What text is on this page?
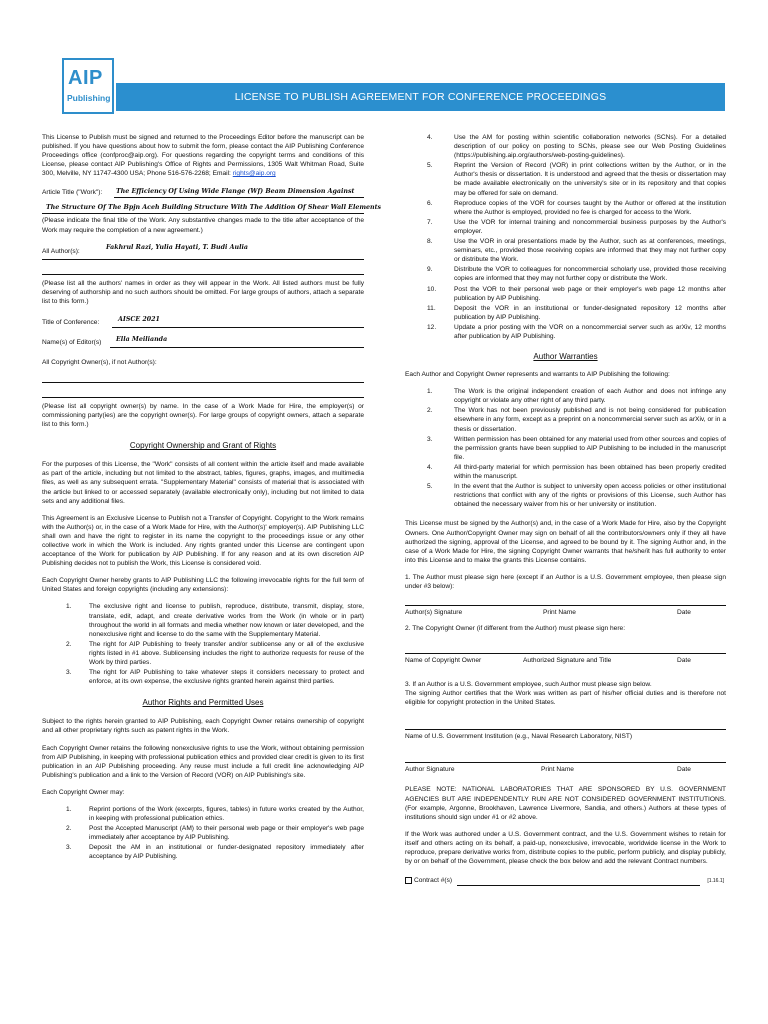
AIP
Publishing	LICENSE TO PUBLISH AGREEMENT FOR CONFERENCE PROCEEDINGS

This License to Publish must be signed and returned to the Proceedings Editor before the manuscript can be published. If you have questions about how to submit the form, please contact the AIP Publishing Conference Proceedings office (confproc@aip.org). For questions regarding the copyright terms and conditions of this License, please contact AIP Publishing's Office of Rights and Permissions, 1305 Walt Whitman Road, Suite 300, Melville, NY 11747-4300 USA; Phone 516-576-2268; Email: rights@aip.org

Article Title ("Work"): The Efficiency Of Using Wide Flange (Wf) Beam Dimension Against
The Structure Of The Bpjn Aceh Building Structure With The Addition Of Shear Wall Elements

(Please indicate the final title of the Work. Any substantive changes made to the title after acceptance of the Work may require the completion of a new agreement.)

All Author(s):
Fakhrul Razi, Yulia Hayati, T. Budi Aulia

(Please list all the authors' names in order as they will appear in the Work. All listed authors must be fully deserving of authorship and no such authors should be omitted. For large groups of authors, attach a separate list to this form.)

Title of Conference:	AISCE 2021
Name(s) of Editor(s) Ella Meilianda
All Copyright Owner(s), if not Author(s):

(Please list all copyright owner(s) by name. In the case of a Work Made for Hire, the employer(s) or commissioning party(ies) are the copyright owner(s). For large groups of copyright owners, attach a separate list to this form.)

Copyright Ownership and Grant of Rights

For the purposes of this License, the "Work" consists of all content within the article itself and made available as part of the article, including but not limited to the abstract, tables, figures, graphs, images, and multimedia files, as well as any subsequent errata. "Supplementary Material" consists of material that is associated with the article but linked to or accessed separately (available electronically only), including but not limited to data sets and any additional files.

This Agreement is an Exclusive License to Publish not a Transfer of Copyright. Copyright to the Work remains with the Author(s) or, in the case of a Work Made for Hire, with the Author(s)' employer(s). AIP Publishing LLC shall own and have the right to register in its name the copyright to the proceedings issue or any other collective work in which the Work is included. Any rights granted under this License are contingent upon acceptance of the Work for publication by AIP Publishing. If for any reason and at its own discretion AIP Publishing decides not to publish the Work, this License is considered void.

Each Copyright Owner hereby grants to AIP Publishing LLC the following irrevocable rights for the full term of United States and foreign copyrights (including any extensions):

1.	The exclusive right and license to publish, reproduce, distribute, transmit, display, store, translate, edit, adapt, and create derivative works from the Work (in whole or in part) throughout the world in all formats and media whether now known or later developed, and the nonexclusive right and license to do the same with the Supplementary Material.
2.	The right for AIP Publishing to freely transfer and/or sublicense any or all of the exclusive rights listed in #1 above. Sublicensing includes the right to authorize requests for reuse of the Work by third parties.
3.	The right for AIP Publishing to take whatever steps it considers necessary to protect and enforce, at its own expense, the exclusive rights granted herein against third parties.
Author Rights and Permitted Uses

Subject to the rights herein granted to AIP Publishing, each Copyright Owner retains ownership of copyright and all other proprietary rights such as patent rights in the Work.

Each Copyright Owner retains the following nonexclusive rights to use the Work, without obtaining permission from AIP Publishing, in keeping with professional publication ethics and provided clear credit is given to its first publication in an AIP Publishing proceeding. Any reuse must include a full credit line acknowledging AIP Publishing's publication and a link to the Version of Record (VOR) on AIP Publishing's site.

Each Copyright Owner may:

1.	Reprint portions of the Work (excerpts, figures, tables) in future works created by the Author, in keeping with professional publication ethics.
2.	Post the Accepted Manuscript (AM) to their personal web page or their employer's web page immediately after acceptance by AIP Publishing.
3.	Deposit the AM in an institutional or funder-designated repository immediately after acceptance by AIP Publishing.
4.	Use the AM for posting within scientific collaboration networks (SCNs). For a detailed description of our policy on posting to SCNs, please see our Web Posting Guidelines (https://publishing.aip.org/authors/web-posting-guidelines).
5.	Reprint the Version of Record (VOR) in print collections written by the Author, or in the Author's thesis or dissertation. It is understood and agreed that the thesis or dissertation may be made available electronically on the university's site or in its repository and that copies may be offered for sale on demand.
6.	Reproduce copies of the VOR for courses taught by the Author or offered at the institution where the Author is employed, provided no fee is charged for access to the Work.
7.	Use the VOR for internal training and noncommercial business purposes by the Author's employer.
8.	Use the VOR in oral presentations made by the Author, such as at conferences, meetings, seminars, etc., provided those receiving copies are informed that they may not further copy or distribute the Work.
9.	Distribute the VOR to colleagues for noncommercial scholarly use, provided those receiving copies are informed that they may not further copy or distribute the Work.
10.	Post the VOR to their personal web page or their employer's web page 12 months after publication by AIP Publishing.
11.	Deposit the VOR in an institutional or funder-designated repository 12 months after publication by AIP Publishing.
12.	Update a prior posting with the VOR on a noncommercial server such as arXiv, 12 months after publication by AIP Publishing.
Author Warranties

Each Author and Copyright Owner represents and warrants to AIP Publishing the following:

1.	The Work is the original independent creation of each Author and does not infringe any copyright or violate any other right of any third party.
2.	The Work has not been previously published and is not being considered for publication elsewhere in any form, except as a preprint on a noncommercial server such as arXiv, or in a thesis or dissertation.
3.	Written permission has been obtained for any material used from other sources and copies of the permission grants have been supplied to AIP Publishing to be included in the manuscript file.
4.	All third-party material for which permission has been obtained has been properly credited within the manuscript.
5.	In the event that the Author is subject to university open access policies or other institutional restrictions that conflict with any of the rights or provisions of this License, such Author has obtained the necessary waiver from his or her university or institution.

This License must be signed by the Author(s) and, in the case of a Work Made for Hire, also by the Copyright Owners. One Author/Copyright Owner may sign on behalf of all the contributors/owners only if they all have authorized the signing, approval of the License, and agreed to be bound by it. The signing Author and, in the case of a Work Made for Hire, the signing Copyright Owner warrants that he/she/it has full authority to enter into this License and to make the grants this License contains.

1. The Author must please sign here (except if an Author is a U.S. Government employee, then please sign under #3 below):

Author(s) Signature	Print Name	Date

2. The Copyright Owner (if different from the Author) must please sign here:

Name of Copyright Owner	Authorized Signature and Title	Date

3. If an Author is a U.S. Government employee, such Author must please sign below.

The signing Author certifies that the Work was written as part of his/her official duties and is therefore not eligible for copyright protection in the United States.

Name of U.S. Government Institution (e.g., Naval Research Laboratory, NIST)
Author Signature	Print Name	Date

PLEASE NOTE: NATIONAL LABORATORIES THAT ARE SPONSORED BY U.S. GOVERNMENT AGENCIES BUT ARE INDEPENDENTLY RUN ARE NOT CONSIDERED GOVERNMENT INSTITUTIONS. (For example, Argonne, Brookhaven, Lawrence Livermore, Sandia, and others.) Authors at these types of institutions should sign under #1 or #2 above.

If the Work was authored under a U.S. Government contract, and the U.S. Government wishes to retain for itself and others acting on its behalf, a paid-up, nonexclusive, irrevocable, worldwide license in the Work to reproduce, prepare derivative works from, distribute copies to the public, perform publicly, and display publicly, by or on behalf of the Government, please check the box below and add the relevant Contract numbers.

Contract #(s)	[1.16.1]
